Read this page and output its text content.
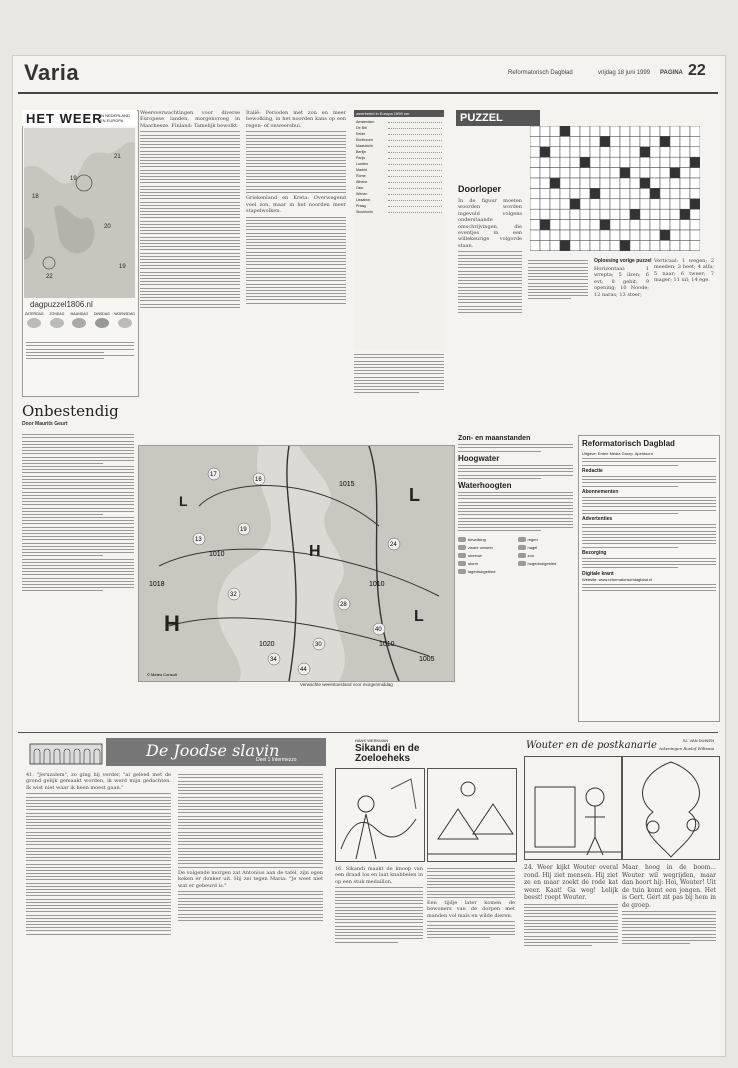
Varia	Reformatorisch Dagblad	vrijdag 18 juni 1999 PAGINA 22
HET WEER
IN NEDERLAND EN EUROPA
21
19
22
20
18
19
dagpuzzel1806.nl
ZATERDAG	ZONDAG	MAANDAG	DINSDAG	WOENSDAG
Onbestendig
Door Maurits Geurt
Weersverwachtingen voor diverse Europese landen, morgenvroeg in Maarheeze. Finland: Tamelijk bewolkt.
Italië: Perioden met zon en meer bewolking, in het noorden kans op een regen- of onweersbui.
Griekenland en Kreta: Overwegend veel zon, maar in het noorden meer stapelwolken.
weerbeeld in Europa 1999 om
Amsterdam
De Bilt
Eelde
Eindhoven
Maastricht
Berlijn
Parijs
Londen
Madrid
Rome
Athene
Oslo
Wenen
Lissabon
Praag
Stockholm
PUZZEL
Doorloper
In de figuur moeten woorden worden ingevuld volgens onderstaande omschrijvingen, die eventjes in een willekeurige volgorde staan.
Oplossing vorige puzzel
Horizontaal: 1 wrepta; 5 ilzen; 6 evt; 8 gebit; 9 opening; 10 Noode; 12 naras; 13 stoer;
Verticaal: 1 wegen; 2 meeden; 3 heet; 4 alfa; 5 naar; 6 tweer; 7 mager; 11 uil; 14 ege.
L
H
L
H
L
1010
1015
1010
1020
1005
1018
1010
17
16
19
13
32
28
40
30
34
44
24
© Meteo Consult
Verwachte weerstoestand voor morgenmiddag
Zon- en maanstanden
Hoogwater
Waterhoogten
bewolking	regen
zware onweer	hagel
sneeuw	zon
storm	hogedrukgebied
lagedrukgebied
Reformatorisch Dagblad
Uitgave: Erdee Media Groep, Apeldoorn
Redactie
Abonnementen
Advertenties
Bezorging
Digitale krant
Website: www.reformatorischdagblad.nl
De Joodse slavin
Deel 1 Intermezzo
41. "Jeruzalem", zo ging hij verder, "al geleed met de grond gelijk gemaakt worden, ik werd mijn gedachten. Ik wist niet waar ik heen moest gaan."
De volgende morgen zat Antonius aan de tafel, zijn ogen keken er donker uit. Hij zei tegen Maria: "Je weet niet wat er gebeurd is."
HANS WERKMAN
Sikandi en de Zoeloeheks
16. Sikandi maakt de knoop van een draad los en laat knabbelen in op een stuk medaillon.
Een tijdje later komen de bewoners van de dorpen met manden vol maïs en wilde dieren.
SJ. VAN DUINEN
Wouter en de postkanarie tekeningen Roelof Wiltsma
24. Weer kijkt Wouter overal rond. Hij ziet mensen. Hij ziet ze en maar zoekt de rode kat weer. Kaat! Ga weg! Lelijk beest! roept Wouter.
Maar hoog in de boom... Wouter wil wegrijden, maar dan hoort hij: Hoi, Wouter! Uit de tuin komt een jongen. Het is Gert. Gert zit pas bij hem in de groep.
